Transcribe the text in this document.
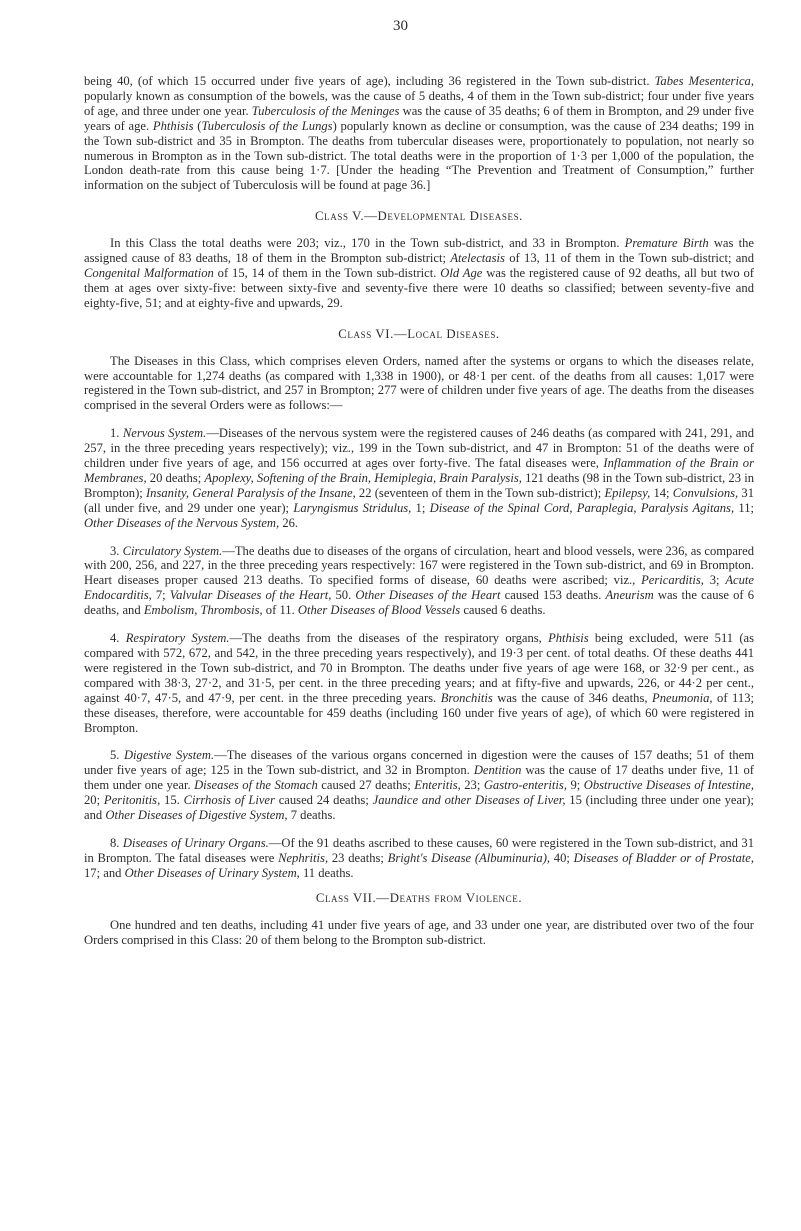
30

being 40, (of which 15 occurred under five years of age), including 36 registered in the Town sub-district. Tabes Mesenterica, popularly known as consumption of the bowels, was the cause of 5 deaths, 4 of them in the Town sub-district; four under five years of age, and three under one year. Tuberculosis of the Meninges was the cause of 35 deaths; 6 of them in Brompton, and 29 under five years of age. Phthisis (Tuberculosis of the Lungs) popularly known as decline or consumption, was the cause of 234 deaths; 199 in the Town sub-district and 35 in Brompton. The deaths from tubercular diseases were, proportionately to population, not nearly so numerous in Brompton as in the Town sub-district. The total deaths were in the proportion of 1·3 per 1,000 of the population, the London death-rate from this cause being 1·7. [Under the heading “The Prevention and Treatment of Consumption,” further information on the subject of Tuberculosis will be found at page 36.]

Class V.—Developmental Diseases.

In this Class the total deaths were 203; viz., 170 in the Town sub-district, and 33 in Brompton. Premature Birth was the assigned cause of 83 deaths, 18 of them in the Brompton sub-district; Atelectasis of 13, 11 of them in the Town sub-district; and Congenital Malformation of 15, 14 of them in the Town sub-district. Old Age was the registered cause of 92 deaths, all but two of them at ages over sixty-five: between sixty-five and seventy-five there were 10 deaths so classified; between seventy-five and eighty-five, 51; and at eighty-five and upwards, 29.

Class VI.—Local Diseases.

The Diseases in this Class, which comprises eleven Orders, named after the systems or organs to which the diseases relate, were accountable for 1,274 deaths (as compared with 1,338 in 1900), or 48·1 per cent. of the deaths from all causes: 1,017 were registered in the Town sub-district, and 257 in Brompton; 277 were of children under five years of age. The deaths from the diseases comprised in the several Orders were as follows:—

1. Nervous System.—Diseases of the nervous system were the registered causes of 246 deaths (as compared with 241, 291, and 257, in the three preceding years respectively); viz., 199 in the Town sub-district, and 47 in Brompton: 51 of the deaths were of children under five years of age, and 156 occurred at ages over forty-five. The fatal diseases were, Inflammation of the Brain or Membranes, 20 deaths; Apoplexy, Softening of the Brain, Hemiplegia, Brain Paralysis, 121 deaths (98 in the Town sub-district, 23 in Brompton); Insanity, General Paralysis of the Insane, 22 (seventeen of them in the Town sub-district); Epilepsy, 14; Convulsions, 31 (all under five, and 29 under one year); Laryngismus Stridulus, 1; Disease of the Spinal Cord, Paraplegia, Paralysis Agitans, 11; Other Diseases of the Nervous System, 26.

3. Circulatory System.—The deaths due to diseases of the organs of circulation, heart and blood vessels, were 236, as compared with 200, 256, and 227, in the three preceding years respectively: 167 were registered in the Town sub-district, and 69 in Brompton. Heart diseases proper caused 213 deaths. To specified forms of disease, 60 deaths were ascribed; viz., Pericarditis, 3; Acute Endocarditis, 7; Valvular Diseases of the Heart, 50. Other Diseases of the Heart caused 153 deaths. Aneurism was the cause of 6 deaths, and Embolism, Thrombosis, of 11. Other Diseases of Blood Vessels caused 6 deaths.

4. Respiratory System.—The deaths from the diseases of the respiratory organs, Phthisis being excluded, were 511 (as compared with 572, 672, and 542, in the three preceding years respectively), and 19·3 per cent. of total deaths. Of these deaths 441 were registered in the Town sub-district, and 70 in Brompton. The deaths under five years of age were 168, or 32·9 per cent., as compared with 38·3, 27·2, and 31·5, per cent. in the three preceding years; and at fifty-five and upwards, 226, or 44·2 per cent., against 40·7, 47·5, and 47·9, per cent. in the three preceding years. Bronchitis was the cause of 346 deaths, Pneumonia, of 113; these diseases, therefore, were accountable for 459 deaths (including 160 under five years of age), of which 60 were registered in Brompton.

5. Digestive System.—The diseases of the various organs concerned in digestion were the causes of 157 deaths; 51 of them under five years of age; 125 in the Town sub-district, and 32 in Brompton. Dentition was the cause of 17 deaths under five, 11 of them under one year. Diseases of the Stomach caused 27 deaths; Enteritis, 23; Gastro-enteritis, 9; Obstructive Diseases of Intestine, 20; Peritonitis, 15. Cirrhosis of Liver caused 24 deaths; Jaundice and other Diseases of Liver, 15 (including three under one year); and Other Diseases of Digestive System, 7 deaths.

8. Diseases of Urinary Organs.—Of the 91 deaths ascribed to these causes, 60 were registered in the Town sub-district, and 31 in Brompton. The fatal diseases were Nephritis, 23 deaths; Bright's Disease (Albuminuria), 40; Diseases of Bladder or of Prostate, 17; and Other Diseases of Urinary System, 11 deaths.

Class VII.—Deaths from Violence.

One hundred and ten deaths, including 41 under five years of age, and 33 under one year, are distributed over two of the four Orders comprised in this Class: 20 of them belong to the Brompton sub-district.
